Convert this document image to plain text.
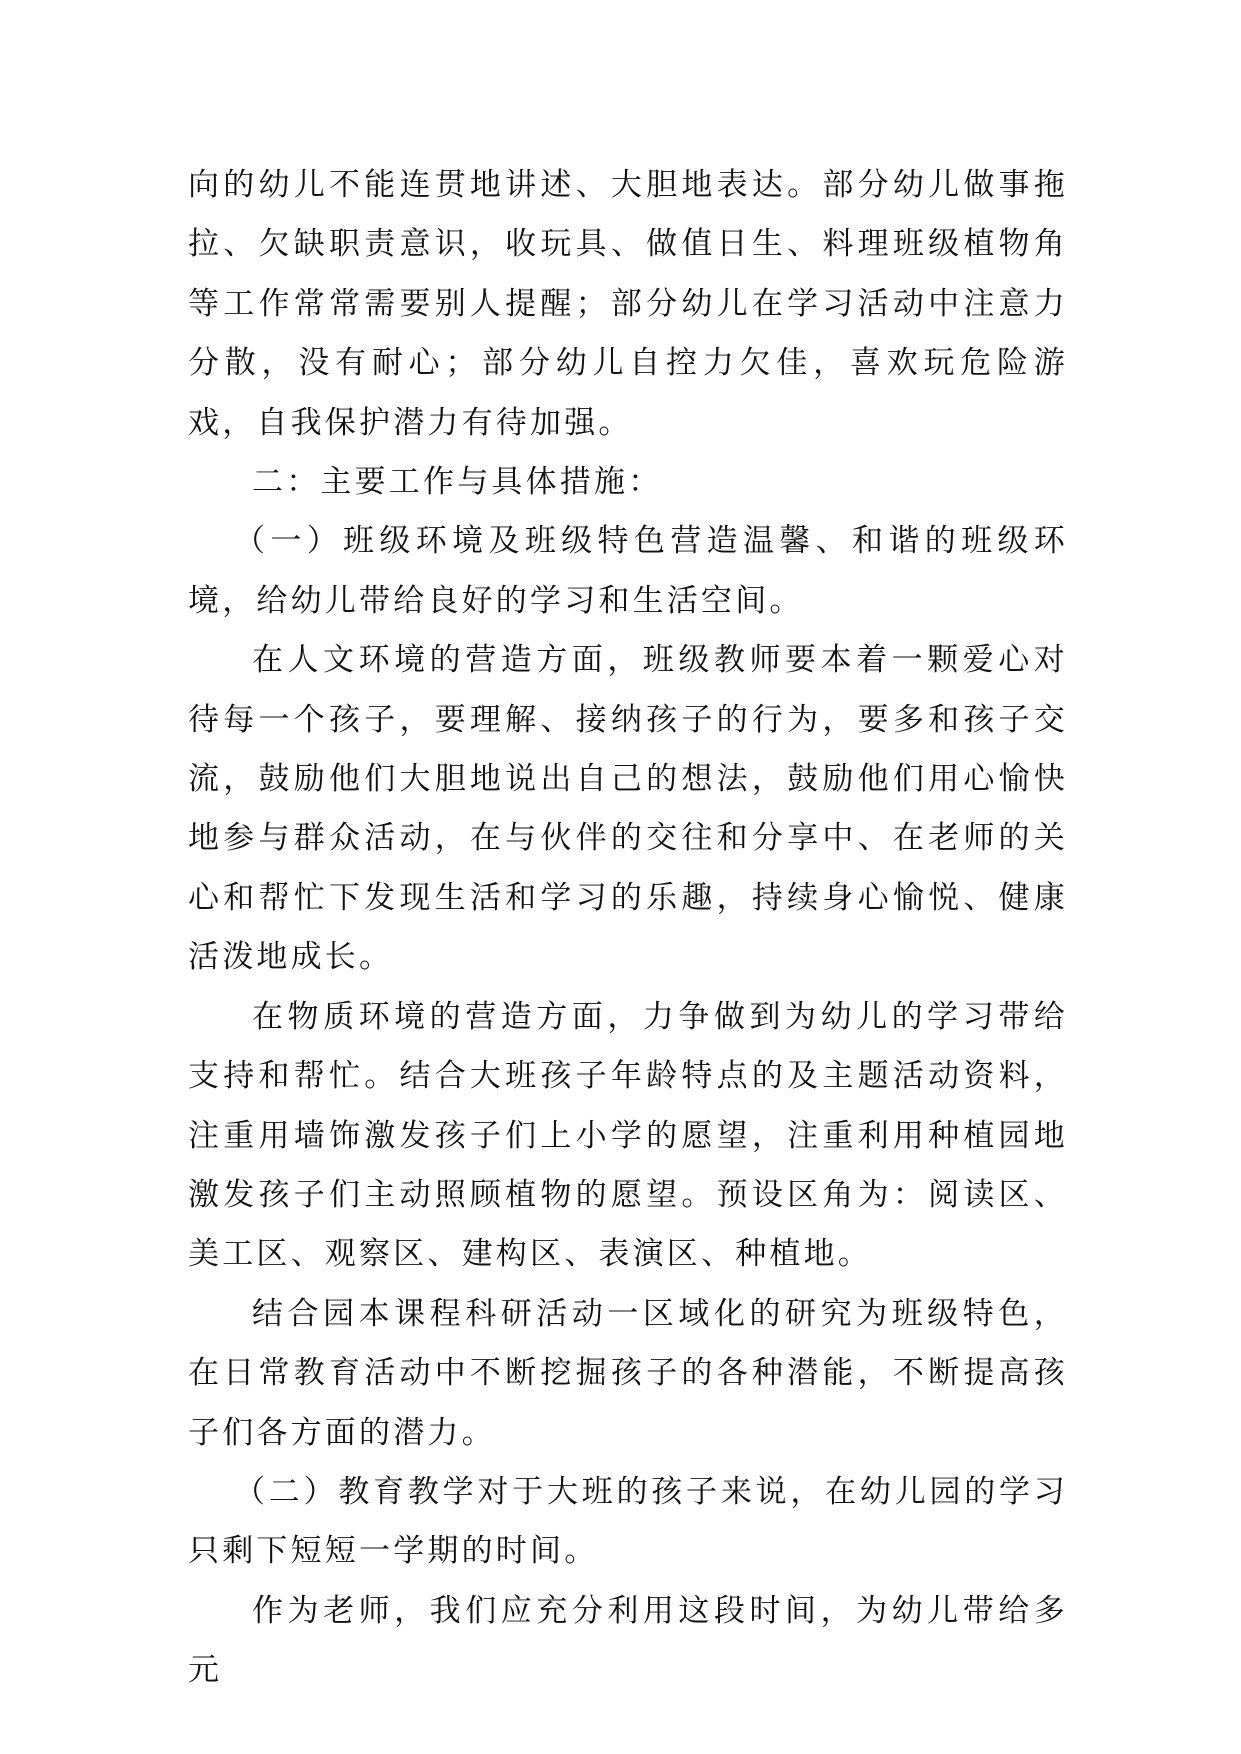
向的幼儿不能连贯地讲述、大胆地表达。部分幼儿做事拖拉、欠缺职责意识，收玩具、做值日生、料理班级植物角等工作常常需要别人提醒；部分幼儿在学习活动中注意力分散，没有耐心；部分幼儿自控力欠佳，喜欢玩危险游戏，自我保护潜力有待加强。

二：主要工作与具体措施：

（一）班级环境及班级特色营造温馨、和谐的班级环境，给幼儿带给良好的学习和生活空间。

在人文环境的营造方面，班级教师要本着一颗爱心对待每一个孩子，要理解、接纳孩子的行为，要多和孩子交流，鼓励他们大胆地说出自己的想法，鼓励他们用心愉快地参与群众活动，在与伙伴的交往和分享中、在老师的关心和帮忙下发现生活和学习的乐趣，持续身心愉悦、健康活泼地成长。

在物质环境的营造方面，力争做到为幼儿的学习带给支持和帮忙。结合大班孩子年龄特点的及主题活动资料，注重用墙饰激发孩子们上小学的愿望，注重利用种植园地激发孩子们主动照顾植物的愿望。预设区角为：阅读区、美工区、观察区、建构区、表演区、种植地。

结合园本课程科研活动一区域化的研究为班级特色，在日常教育活动中不断挖掘孩子的各种潜能，不断提高孩子们各方面的潜力。

（二）教育教学对于大班的孩子来说，在幼儿园的学习只剩下短短一学期的时间。

作为老师，我们应充分利用这段时间，为幼儿带给多元
